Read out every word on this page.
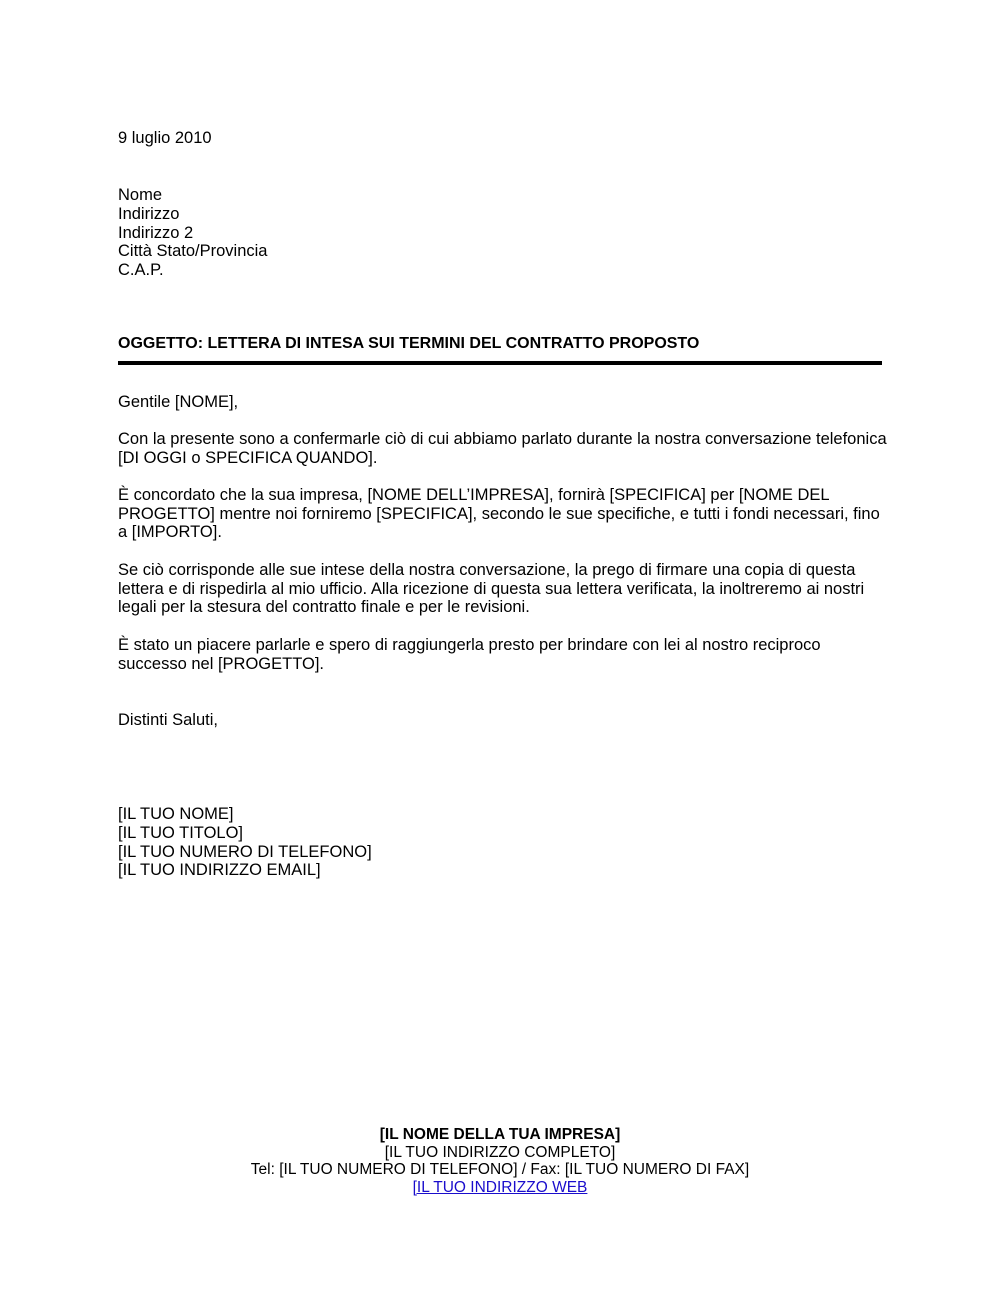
9 luglio 2010
Nome
Indirizzo
Indirizzo 2
Città Stato/Provincia
C.A.P.
OGGETTO: LETTERA DI INTESA SUI TERMINI DEL CONTRATTO PROPOSTO
Gentile [NOME],
Con la presente sono a confermarle ciò di cui abbiamo parlato durante la nostra conversazione telefonica
[DI OGGI o SPECIFICA QUANDO].
È concordato che la sua impresa, [NOME DELL’IMPRESA], fornirà [SPECIFICA] per [NOME DEL
PROGETTO] mentre noi forniremo [SPECIFICA], secondo le sue specifiche, e tutti i fondi necessari, fino
a [IMPORTO].
Se ciò corrisponde alle sue intese della nostra conversazione, la prego di firmare una copia di questa
lettera e di rispedirla al mio ufficio. Alla ricezione di questa sua lettera verificata, la inoltreremo ai nostri
legali per la stesura del contratto finale e per le revisioni.
È stato un piacere parlarle e spero di raggiungerla presto per brindare con lei al nostro reciproco
successo nel [PROGETTO].
Distinti Saluti,
[IL TUO NOME]
[IL TUO TITOLO]
[IL TUO NUMERO DI TELEFONO]
[IL TUO INDIRIZZO EMAIL]
[IL NOME DELLA TUA IMPRESA]
[IL TUO INDIRIZZO COMPLETO]
Tel: [IL TUO NUMERO DI TELEFONO] / Fax: [IL TUO NUMERO DI FAX]
[IL TUO INDIRIZZO WEB
